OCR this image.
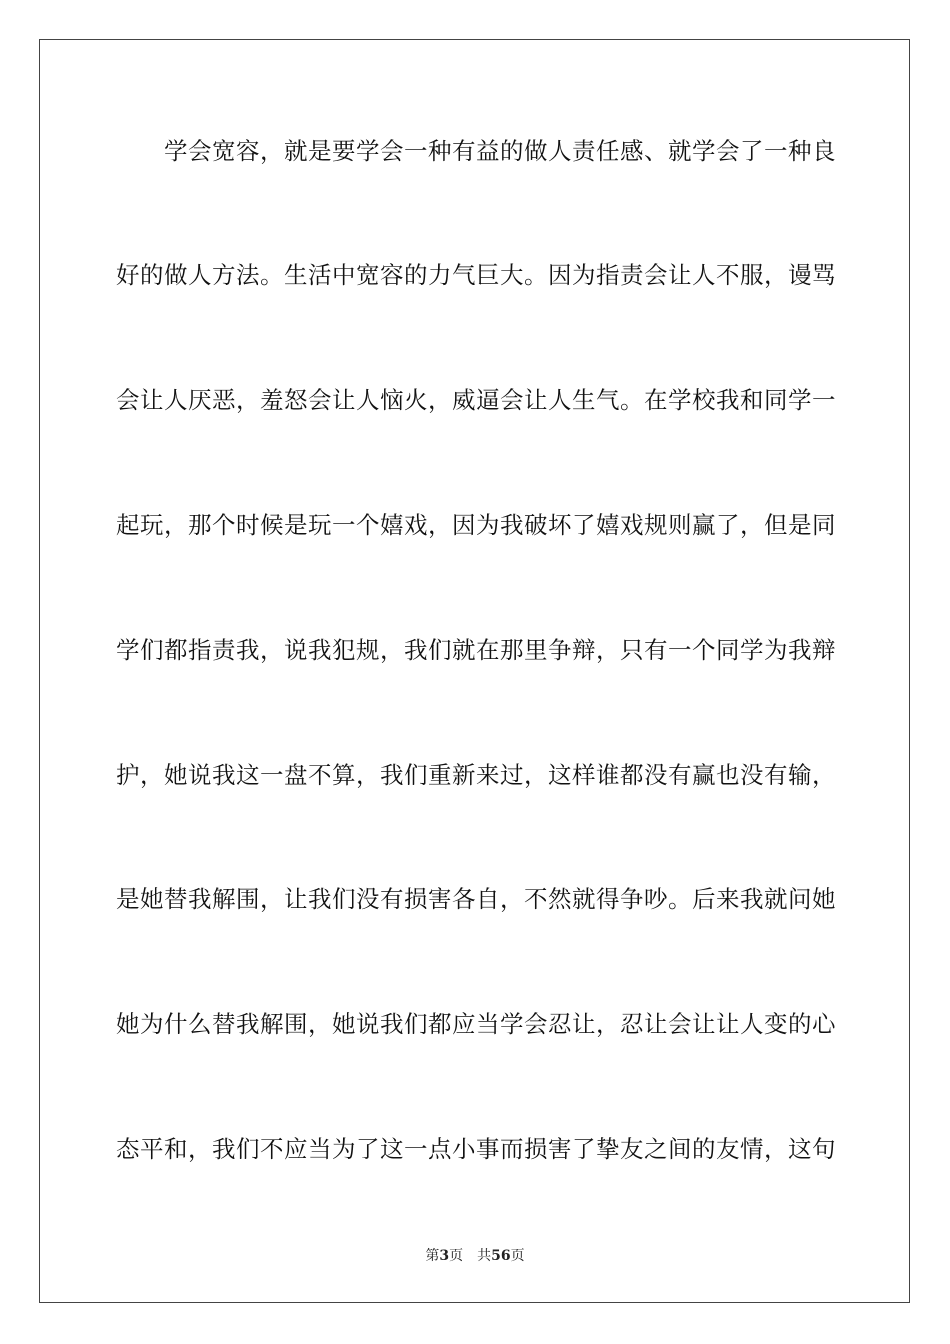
学会宽容，就是要学会一种有益的做人责任感、就学会了一种良
好的做人方法。生活中宽容的力气巨大。因为指责会让人不服，谩骂
会让人厌恶，羞怒会让人恼火，威逼会让人生气。在学校我和同学一
起玩，那个时候是玩一个嬉戏，因为我破坏了嬉戏规则赢了，但是同
学们都指责我，说我犯规，我们就在那里争辩，只有一个同学为我辩
护，她说我这一盘不算，我们重新来过，这样谁都没有赢也没有输，
是她替我解围，让我们没有损害各自，不然就得争吵。后来我就问她
她为什么替我解围，她说我们都应当学会忍让，忍让会让让人变的心
态平和，我们不应当为了这一点小事而损害了挚友之间的友情，这句
第3页 共56页
